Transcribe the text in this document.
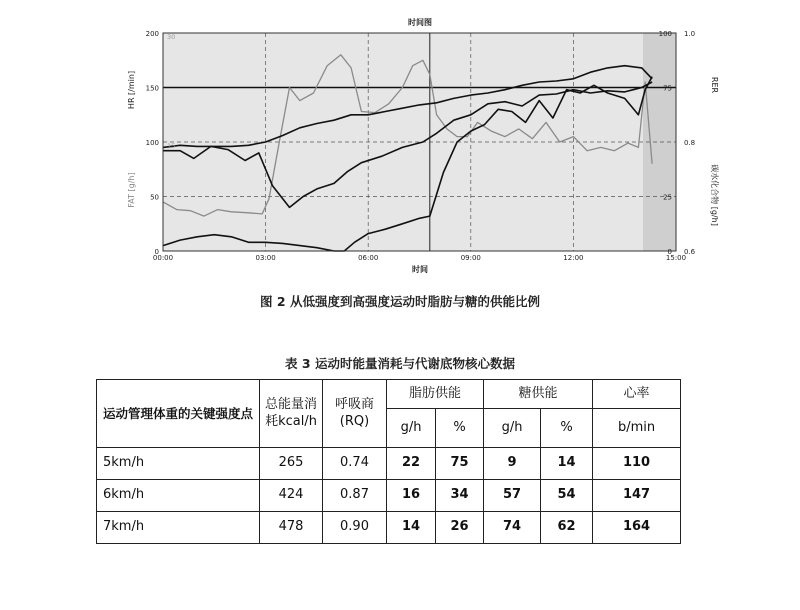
00:00	03:00	06:00	09:00	12:00	15:00
0
50
100
150
200
15
30
0.6
0.8
1.0
0
25
75
100
时间图
时间
HR [/min]
FAT [g/h]
RER
碳水化合物 [g/h]
图 2 从低强度到高强度运动时脂肪与糖的供能比例
表 3 运动时能量消耗与代谢底物核心数据
运动管理体重的关键强度点	总能量消耗kcal/h	呼吸商(RQ)	脂肪供能		糖供能		心率
			g/h	%	g/h	%	b/min
5km/h	265	0.74	22	75	9	14	110
6km/h	424	0.87	16	34	57	54	147
7km/h	478	0.90	14	26	74	62	164
